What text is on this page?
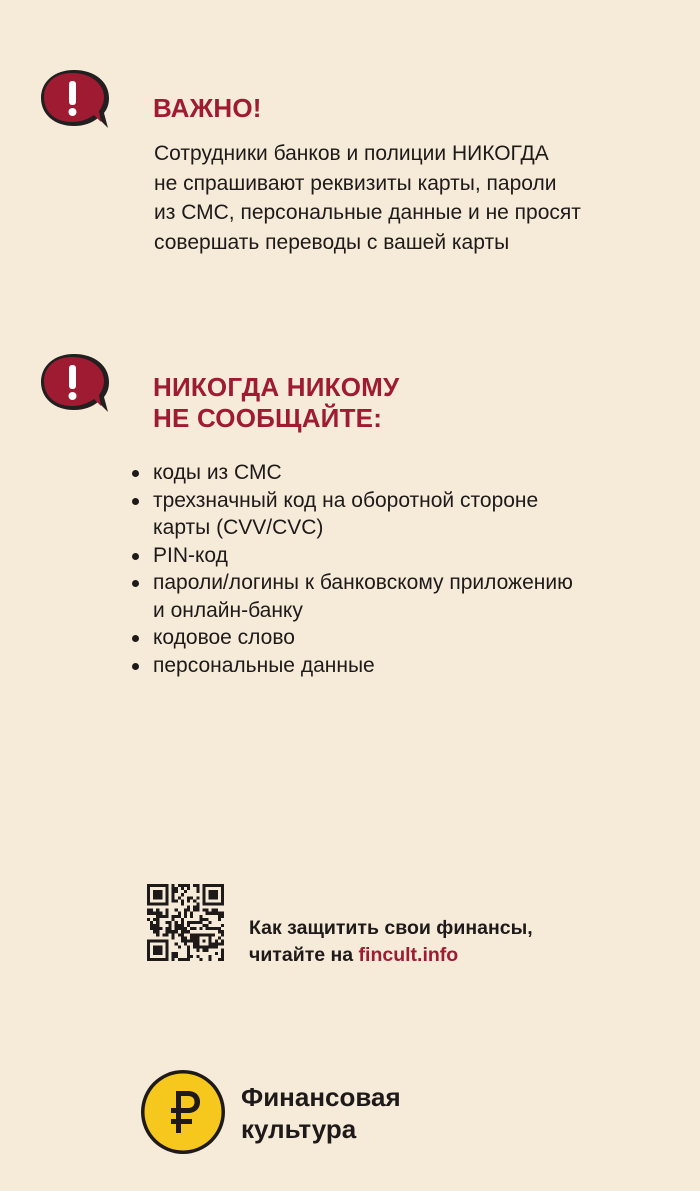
ВАЖНО!
Сотрудники банков и полиции НИКОГДА
не спрашивают реквизиты карты, пароли
из СМС, персональные данные и не просят
совершать переводы с вашей карты
НИКОГДА НИКОМУ
НЕ СООБЩАЙТЕ:
коды из СМС
трехзначный код на оборотной стороне
карты (CVV/CVC)
PIN-код
пароли/логины к банковскому приложению
и онлайн-банку
кодовое слово
персональные данные
Как защитить свои финансы,
читайте на fincult.info
Финансовая
культура
